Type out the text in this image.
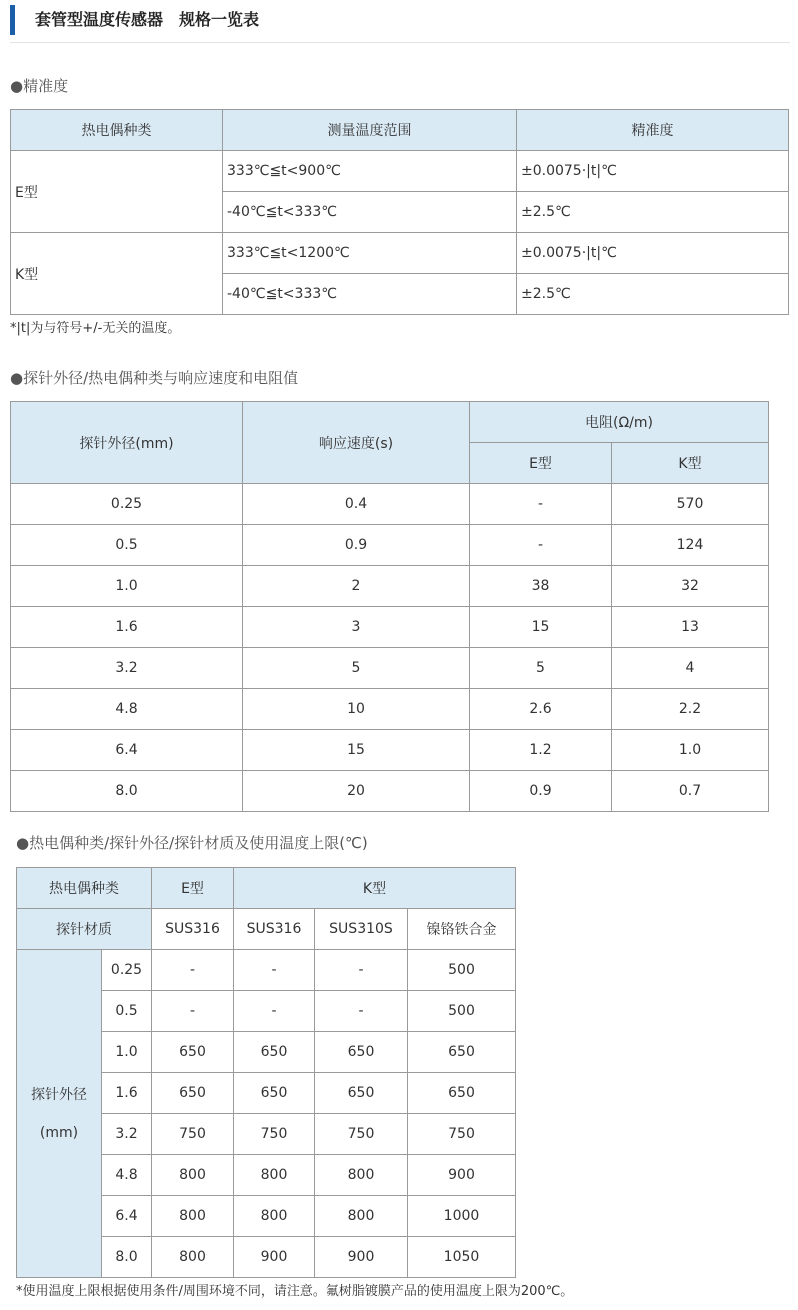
套管型温度传感器　规格一览表
●精准度
热电偶种类	测量温度范围	精准度
E型	333℃≦t<900℃	±0.0075·|t|℃
	-40℃≦t<333℃	±2.5℃
K型	333℃≦t<1200℃	±0.0075·|t|℃
	-40℃≦t<333℃	±2.5℃
*|t|为与符号+/-无关的温度。
●探针外径/热电偶种类与响应速度和电阻值
探针外径(mm)	响应速度(s)	电阻(Ω/m)	
		E型	K型
0.25	0.4	-	570
0.5	0.9	-	124
1.0	2	38	32
1.6	3	15	13
3.2	5	5	4
4.8	10	2.6	2.2
6.4	15	1.2	1.0
8.0	20	0.9	0.7
●热电偶种类/探针外径/探针材质及使用温度上限(℃)
热电偶种类		E型	K型		
探针材质		SUS316	SUS316	SUS310S	镍铬铁合金

探针外径
(mm)	0.25	-	-	-	500
	0.5	-	-	-	500
	1.0	650	650	650	650
	1.6	650	650	650	650
	3.2	750	750	750	750
	4.8	800	800	800	900
	6.4	800	800	800	1000
	8.0	800	900	900	1050
*使用温度上限根据使用条件/周围环境不同，请注意。氟树脂镀膜产品的使用温度上限为200℃。
